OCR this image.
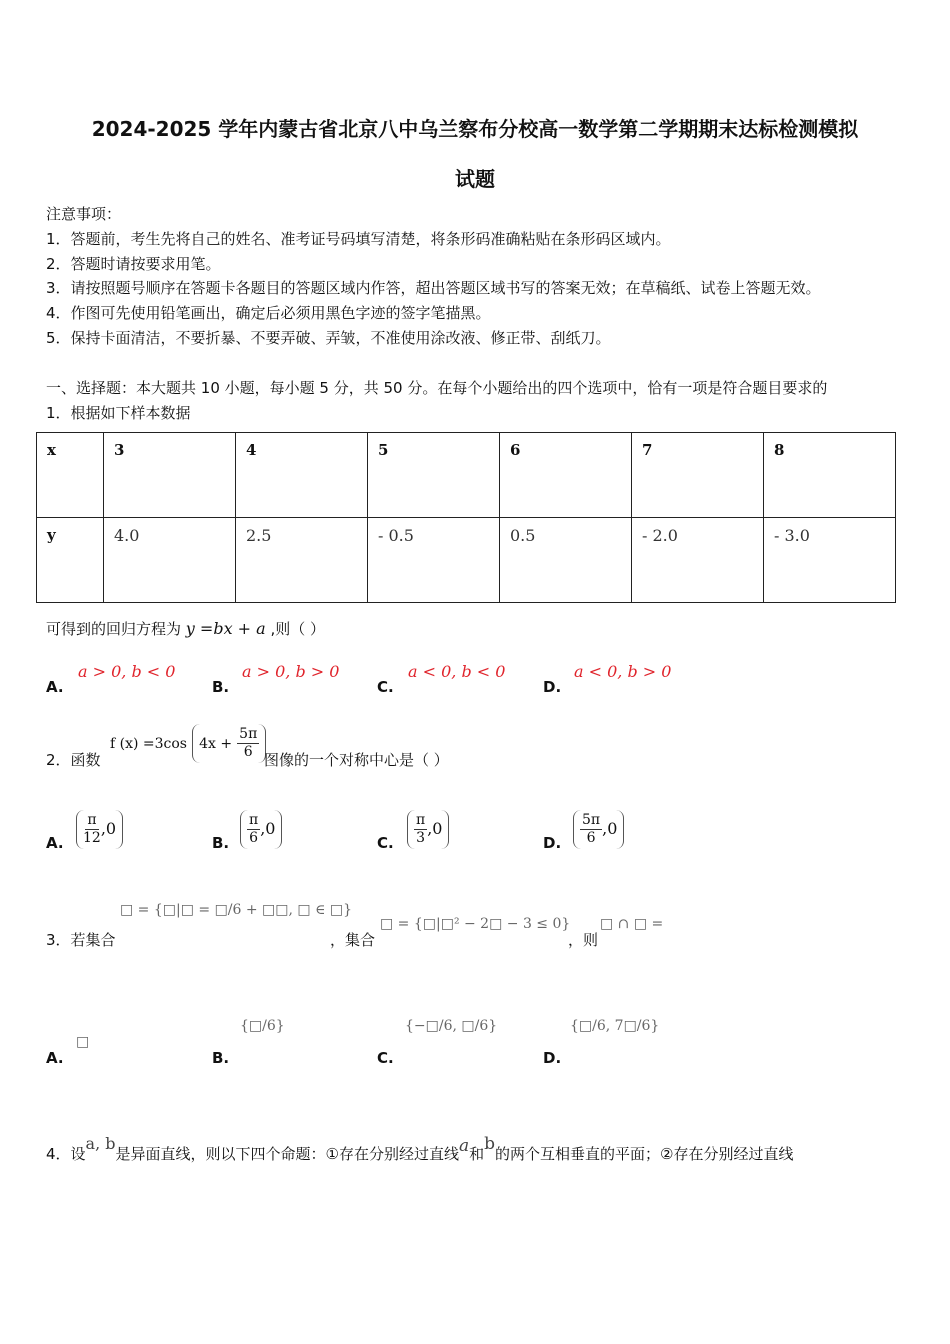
2024-2025 学年内蒙古省北京八中乌兰察布分校高一数学第二学期期末达标检测模拟
试题
注意事项：
1．答题前，考生先将自己的姓名、准考证号码填写清楚，将条形码准确粘贴在条形码区域内。
2．答题时请按要求用笔。
3．请按照题号顺序在答题卡各题目的答题区域内作答，超出答题区域书写的答案无效；在草稿纸、试卷上答题无效。
4．作图可先使用铅笔画出，确定后必须用黑色字迹的签字笔描黑。
5．保持卡面清洁，不要折暴、不要弄破、弄皱，不准使用涂改液、修正带、刮纸刀。
一、选择题：本大题共 10 小题，每小题 5 分，共 50 分。在每个小题给出的四个选项中，恰有一项是符合题目要求的
1．根据如下样本数据
x	3	4	5	6	7	8
y	4.0	2.5	- 0.5	0.5	- 2.0	- 3.0
可得到的回归方程为 y =bx + a ,则（ ）
A.
a > 0, b < 0
B.
a > 0, b > 0
C.
a < 0, b < 0
D.
a < 0, b > 0
2．函数
f (x) =3cos $4x + \frac{5\pi}{6}$ 图像的一个对称中心是（ ）
A. $\frac{\pi}{12} ,0$
B. $\frac{\pi}{6} ,0$
C. $\frac{\pi}{3} ,0$
D. $\frac{5\pi}{6} ,0$
3．若集合
□ = {□|□ = □/6 + □□, □ ∈ □}
，集合
□ = {□|□² − 2□ − 3 ≤ 0}
，则
□ ∩ □ =
A.
□
B.
{□/6}
C.
{−□/6, □/6}
D.
{□/6, 7□/6}
4．设a, b是异面直线，则以下四个命题：①存在分别经过直线a和b的两个互相垂直的平面；②存在分别经过直线
